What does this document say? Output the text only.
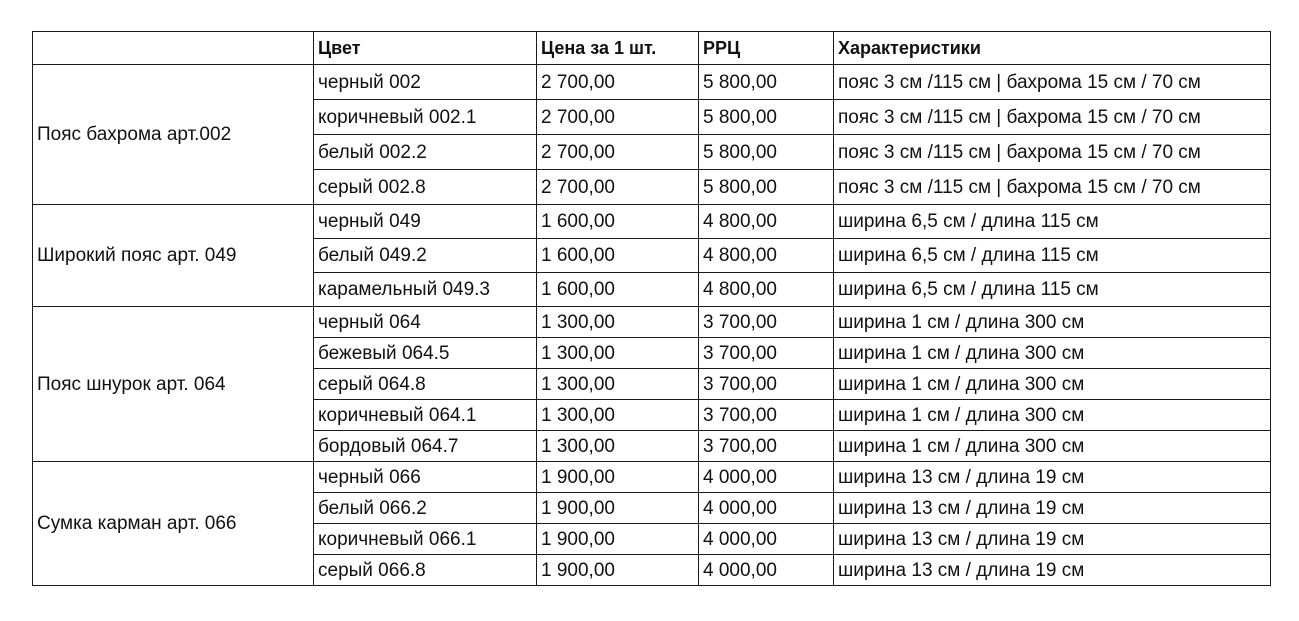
	Цвет	Цена за 1 шт.	РРЦ	Характеристики
Пояс бахрома арт.002	черный 002	2 700,00	5 800,00	пояс 3 см /115 см | бахрома 15 см / 70 см
	коричневый 002.1	2 700,00	5 800,00	пояс 3 см /115 см | бахрома 15 см / 70 см
	белый 002.2	2 700,00	5 800,00	пояс 3 см /115 см | бахрома 15 см / 70 см
	серый 002.8	2 700,00	5 800,00	пояс 3 см /115 см | бахрома 15 см / 70 см
Широкий пояс арт. 049	черный 049	1 600,00	4 800,00	ширина 6,5 см / длина 115 см
	белый 049.2	1 600,00	4 800,00	ширина 6,5 см / длина 115 см
	карамельный 049.3	1 600,00	4 800,00	ширина 6,5 см / длина 115 см
Пояс шнурок арт. 064	черный 064	1 300,00	3 700,00	ширина 1 см / длина 300 см
	бежевый 064.5	1 300,00	3 700,00	ширина 1 см / длина 300 см
	серый 064.8	1 300,00	3 700,00	ширина 1 см / длина 300 см
	коричневый 064.1	1 300,00	3 700,00	ширина 1 см / длина 300 см
	бордовый 064.7	1 300,00	3 700,00	ширина 1 см / длина 300 см
Сумка карман арт. 066	черный 066	1 900,00	4 000,00	ширина 13 см / длина 19 см
	белый 066.2	1 900,00	4 000,00	ширина 13 см / длина 19 см
	коричневый 066.1	1 900,00	4 000,00	ширина 13 см / длина 19 см
	серый 066.8	1 900,00	4 000,00	ширина 13 см / длина 19 см
